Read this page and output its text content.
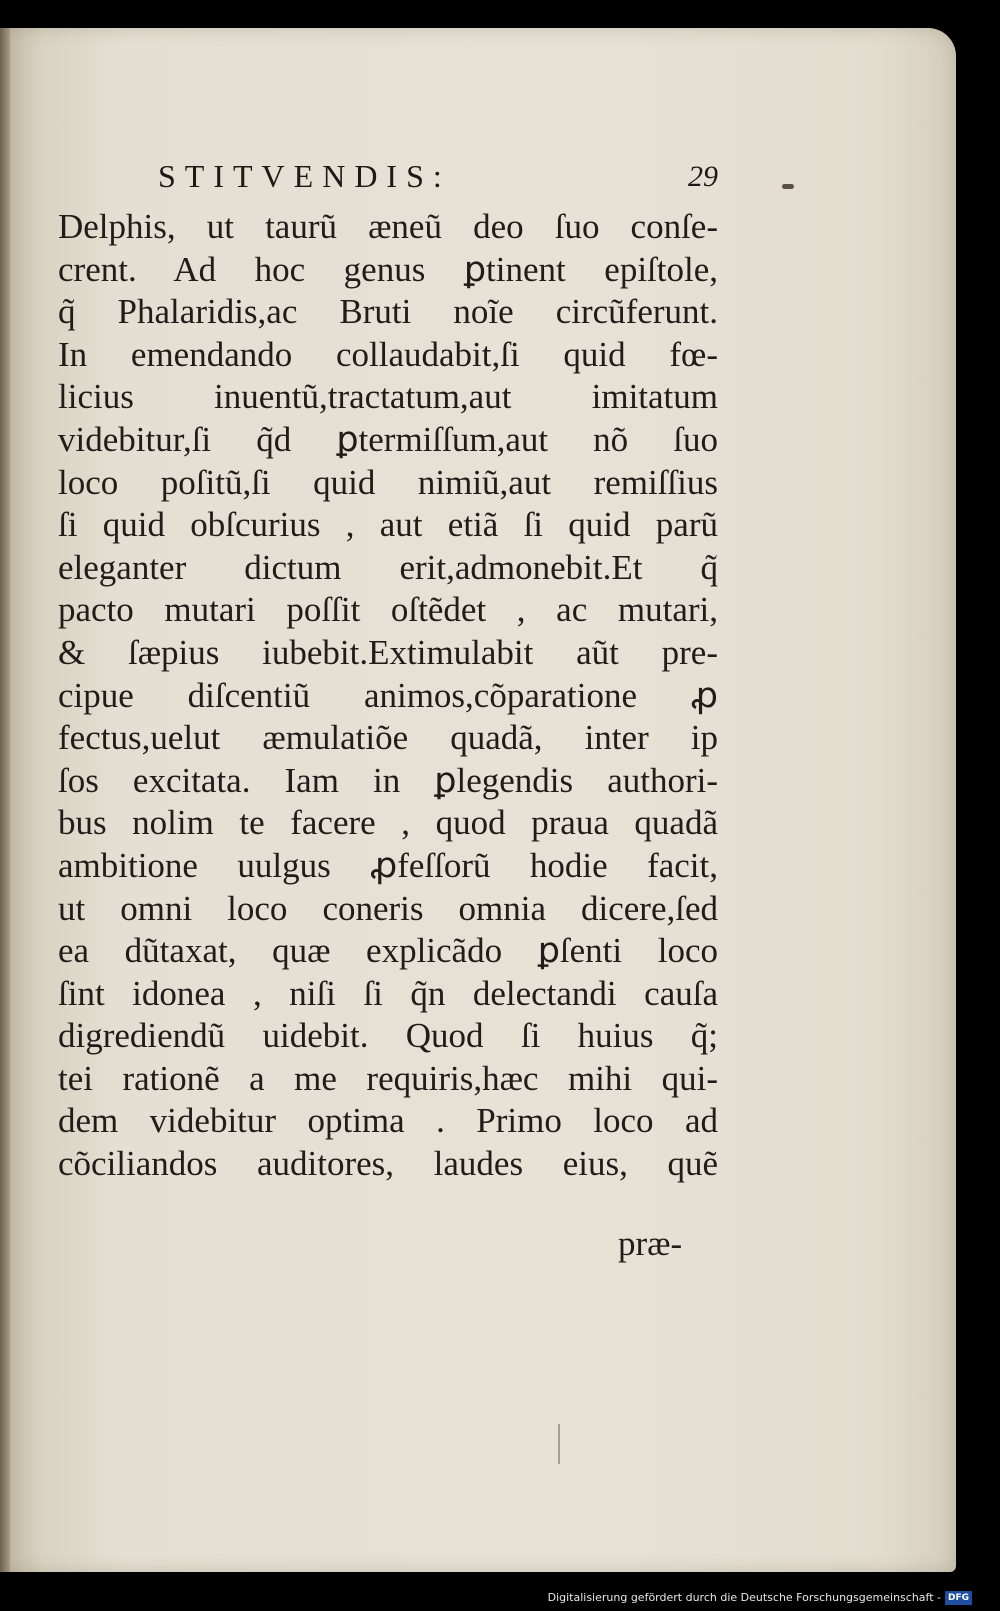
STITVENDIS:	29
Delphis, ut taurũ æneũ deo ſuo conſe-
crent. Ad hoc genus ꝑtinent epiſtole,
q̃ Phalaridis,ac Bruti noĩe circũferunt.
In emendando collaudabit,ſi quid fœ-
licius inuentũ,tractatum,aut imitatum
videbitur,ſi q̃d ꝑtermiſſum,aut nõ ſuo
loco poſitũ,ſi quid nimiũ,aut remiſſius
ſi quid obſcurius , aut etiã ſi quid parũ
eleganter dictum erit,admonebit.Et q̃
pacto mutari poſſit oſtẽdet , ac mutari,
& ſæpius iubebit.Extimulabit aũt pre-
cipue diſcentiũ animos,cõparatione ꝓ
fectus,uelut æmulatiõe quadã, inter ip
ſos excitata. Iam in ꝑlegendis authori-
bus nolim te facere , quod praua quadã
ambitione uulgus ꝓfeſſorũ hodie facit,
ut omni loco coneris omnia dicere,ſed
ea dũtaxat, quæ explicãdo ꝑſenti loco
ſint idonea , niſi ſi q̃n delectandi cauſa
digrediendũ uidebit. Quod ſi huius q̃;
tei rationẽ a me requiris,hæc mihi qui-
dem videbitur optima . Primo loco ad
cõciliandos auditores, laudes eius, quẽ
præ-
Digitalisierung gefördert durch die Deutsche Forschungsgemeinschaft - DFG
